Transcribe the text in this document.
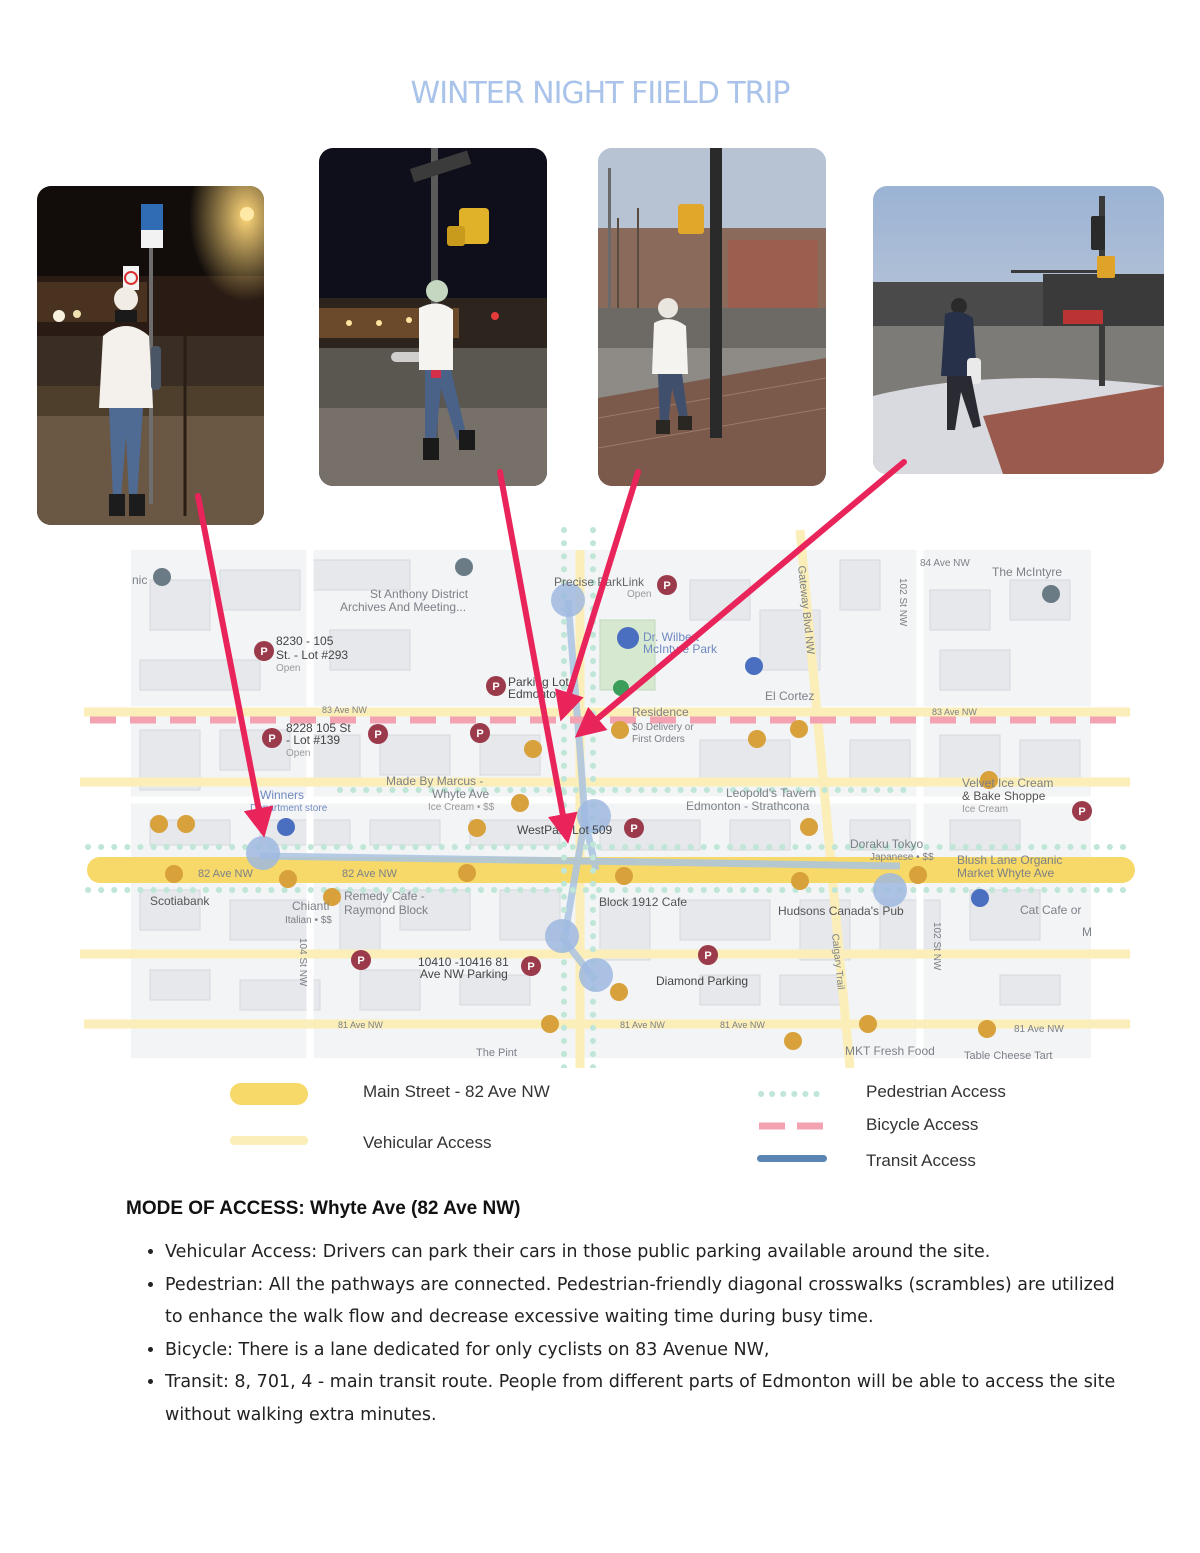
WINTER NIGHT FIIELD TRIP
P
P	P	P
P
P
P
P
P	P
P
nic
St Anthony District
Archives And Meeting...
Precise ParkLink
Open
Dr. Wilbert
McIntyre Park
The McIntyre
84 Ave NW
8230 - 105
St. - Lot #293
Open
Parking Lot
Edmonton	El Cortez
Residence
$0 Delivery or
First Orders
83 Ave NW	83 Ave NW
8228 105 St
- Lot #139
Open
Made By Marcus -
Whyte Ave
Ice Cream • $$
Leopold's Tavern
Edmonton - Strathcona
Velvet Ice Cream
& Bake Shoppe
Ice Cream
Winners
Department store
WestPark Lot 509
Doraku Tokyo
Japanese • $$ Blush Lane Organic
Market Whyte Ave
82 Ave NW	82 Ave NW
Scotiabank	Chianti
Italian • $$
Remedy Cafe -
Raymond Block
Block 1912 Cafe
Hudsons Canada's Pub	Cat Cafe or
M
10410 -10416 81
Ave NW Parking	Diamond Parking
81 Ave NW	81 Ave NW	81 Ave NW	81 Ave NW
MKT Fresh Food	Table Cheese Tart
The Pint
104 St NW
102 St NW
102 St NW
Gateway Blvd NW
Calgary Trail
Main Street - 82 Ave NW
Vehicular Access
Pedestrian Access
Bicycle Access
Transit Access
MODE OF ACCESS: Whyte Ave (82 Ave NW)
• Vehicular Access: Drivers can park their cars in those public parking available around the site.
• Pedestrian: All the pathways are connected. Pedestrian-friendly diagonal crosswalks (scrambles) are utilized to enhance the walk flow and decrease excessive waiting time during busy time.
• Bicycle: There is a lane dedicated for only cyclists on 83 Avenue NW,
• Transit: 8, 701, 4 - main transit route. People from different parts of Edmonton will be able to access the site without walking extra minutes.
